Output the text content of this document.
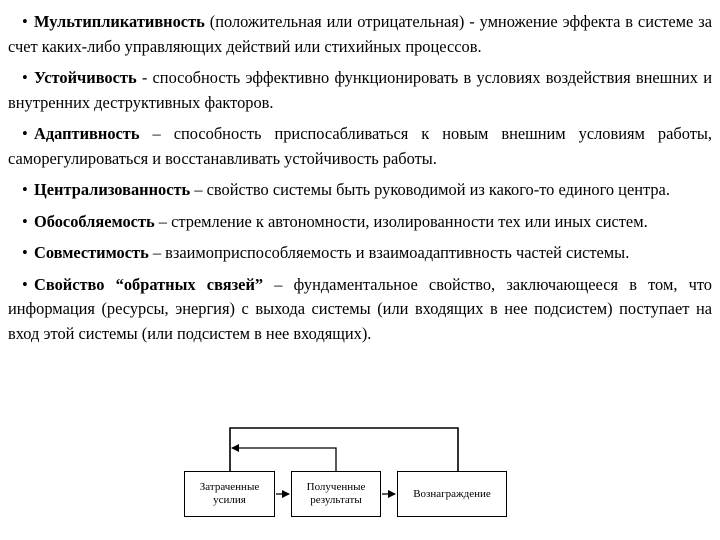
• Мультипликативность (положительная или отрицательная) - умножение эффекта в системе за счет каких-либо управляющих действий или стихийных процессов.

• Устойчивость - способность эффективно функционировать в условиях воздействия внешних и внутренних деструктивных факторов.

• Адаптивность – способность приспосабливаться к новым внешним условиям работы, саморегулироваться и восстанавливать устойчивость работы.

• Централизованность – свойство системы быть руководимой из какого-то единого центра.

• Обособляемость – стремление к автономности, изолированности тех или иных систем.

• Совместимость – взаимоприспособляемость и взаимоадаптивность частей системы.

• Свойство “обратных связей” – фундаментальное свойство, заключающееся в том, что информация (ресурсы, энергия) с выхода системы (или входящих в нее подсистем) поступает на вход этой системы (или подсистем в нее входящих).

Затраченные
усилия
Полученные
результаты
Вознаграждение
